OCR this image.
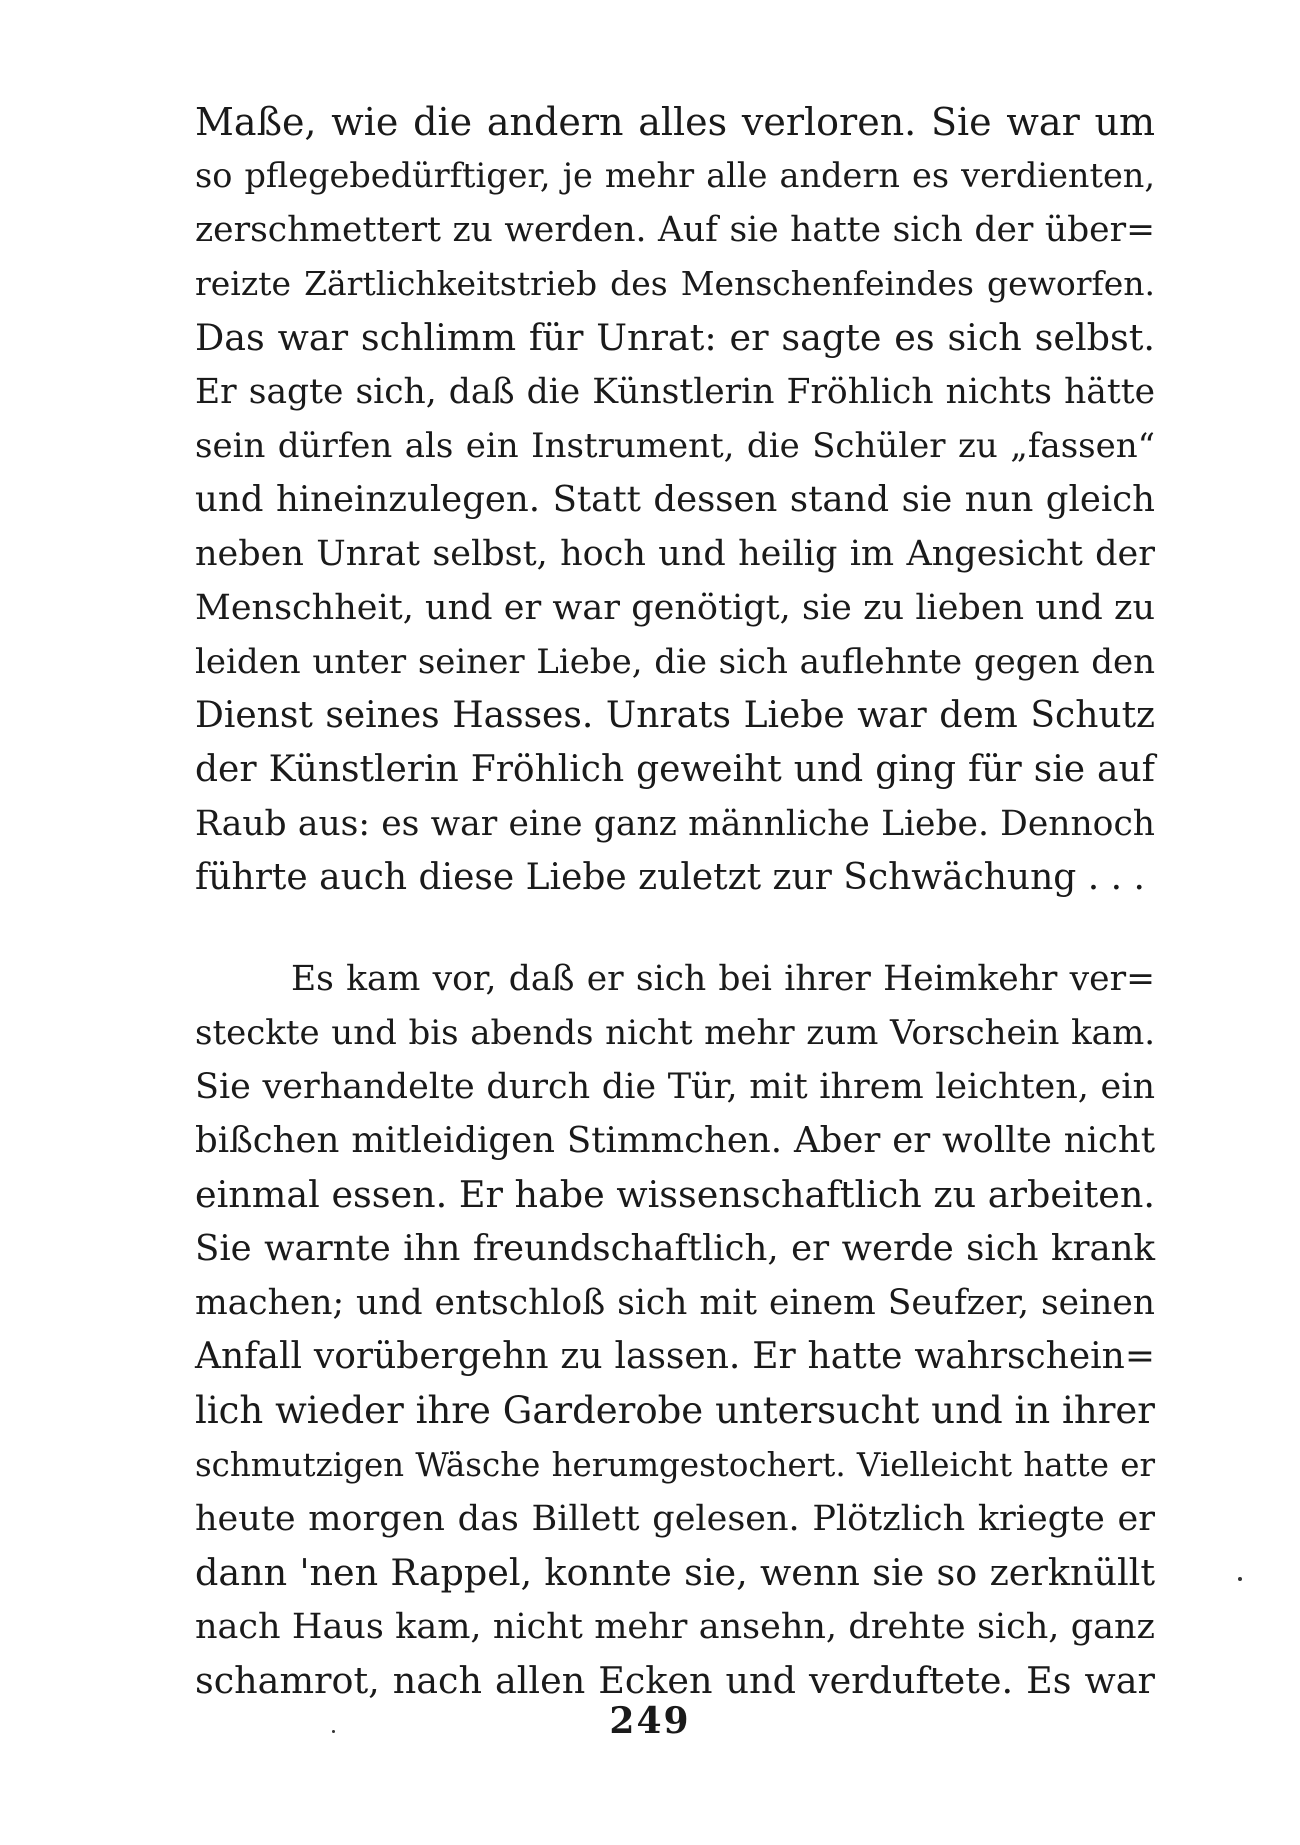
Maße, wie die andern alles verloren. Sie war um
so pflegebedürftiger, je mehr alle andern es verdienten,
zerschmettert zu werden. Auf sie hatte sich der über=
reizte Zärtlichkeitstrieb des Menschenfeindes geworfen.
Das war schlimm für Unrat: er sagte es sich selbst.
Er sagte sich, daß die Künstlerin Fröhlich nichts hätte
sein dürfen als ein Instrument, die Schüler zu „fassen“
und hineinzulegen. Statt dessen stand sie nun gleich
neben Unrat selbst, hoch und heilig im Angesicht der
Menschheit, und er war genötigt, sie zu lieben und zu
leiden unter seiner Liebe, die sich auflehnte gegen den
Dienst seines Hasses. Unrats Liebe war dem Schutz
der Künstlerin Fröhlich geweiht und ging für sie auf
Raub aus: es war eine ganz männliche Liebe. Dennoch
führte auch diese Liebe zuletzt zur Schwächung . . .
Es kam vor, daß er sich bei ihrer Heimkehr ver=
steckte und bis abends nicht mehr zum Vorschein kam.
Sie verhandelte durch die Tür, mit ihrem leichten, ein
bißchen mitleidigen Stimmchen. Aber er wollte nicht
einmal essen. Er habe wissenschaftlich zu arbeiten.
Sie warnte ihn freundschaftlich, er werde sich krank
machen; und entschloß sich mit einem Seufzer, seinen
Anfall vorübergehn zu lassen. Er hatte wahrschein=
lich wieder ihre Garderobe untersucht und in ihrer
schmutzigen Wäsche herumgestochert. Vielleicht hatte er
heute morgen das Billett gelesen. Plötzlich kriegte er
dann 'nen Rappel, konnte sie, wenn sie so zerknüllt
nach Haus kam, nicht mehr ansehn, drehte sich, ganz
schamrot, nach allen Ecken und verduftete. Es war
249
